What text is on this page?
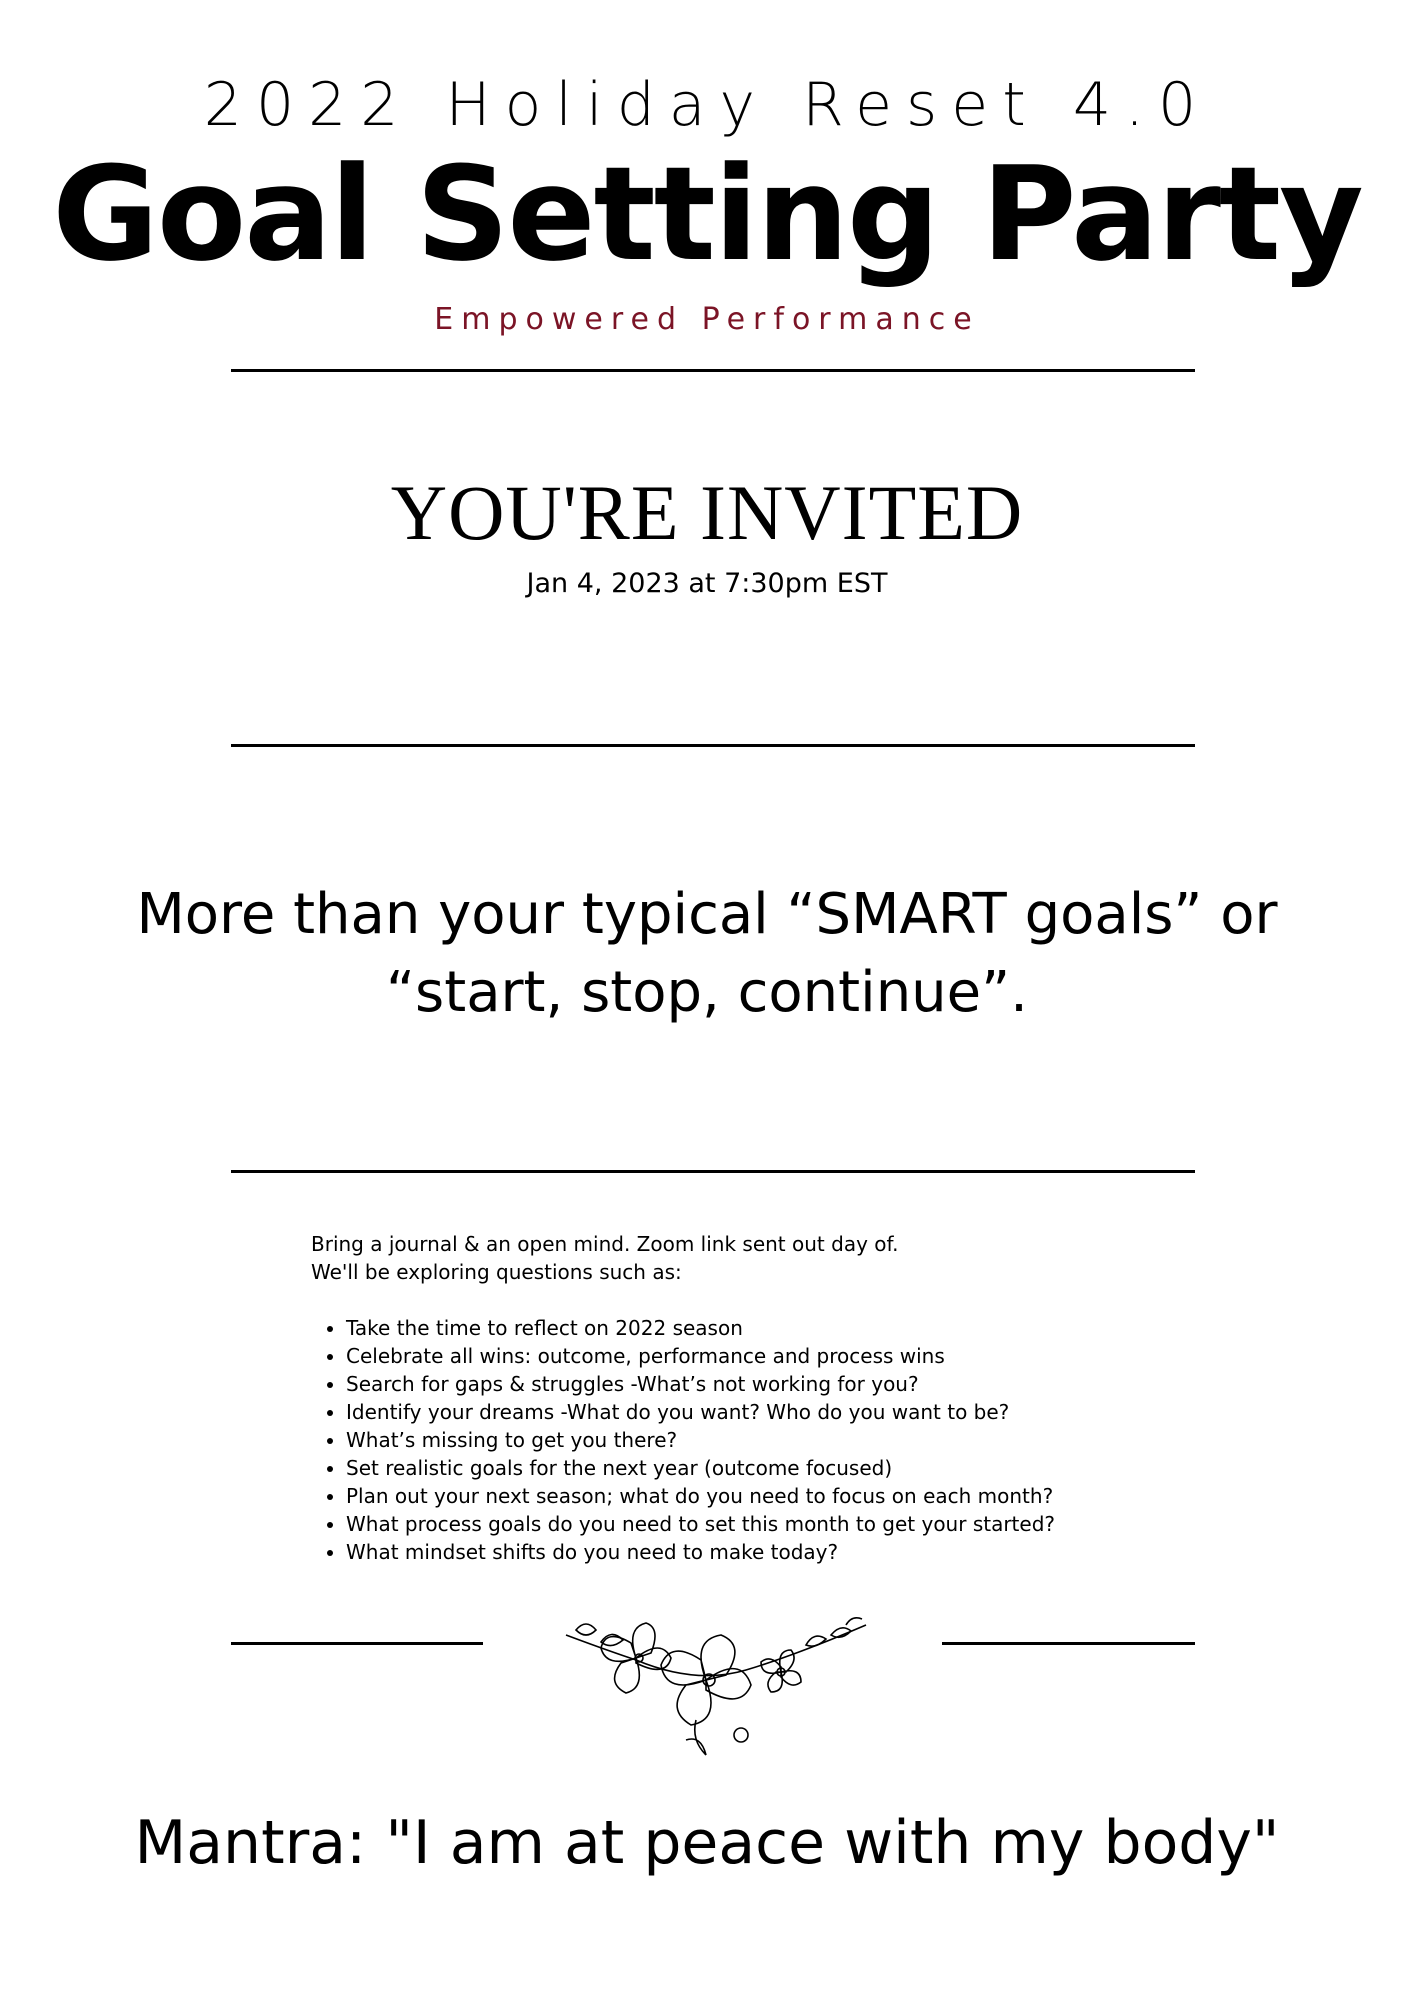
2022 Holiday Reset 4.0
Goal Setting Party
Empowered Performance
YOU'RE INVITED
Jan 4, 2023 at 7:30pm EST
More than your typical “SMART goals” or
“start, stop, continue”.

Bring a journal & an open mind. Zoom link sent out day of.

We'll be exploring questions such as:

• Take the time to reflect on 2022 season
• Celebrate all wins: outcome, performance and process wins
• Search for gaps & struggles -What’s not working for you?
• Identify your dreams -What do you want? Who do you want to be?
• What’s missing to get you there?
• Set realistic goals for the next year (outcome focused)
• Plan out your next season; what do you need to focus on each month?
• What process goals do you need to set this month to get your started?
• What mindset shifts do you need to make today?
Mantra: "I am at peace with my body"
